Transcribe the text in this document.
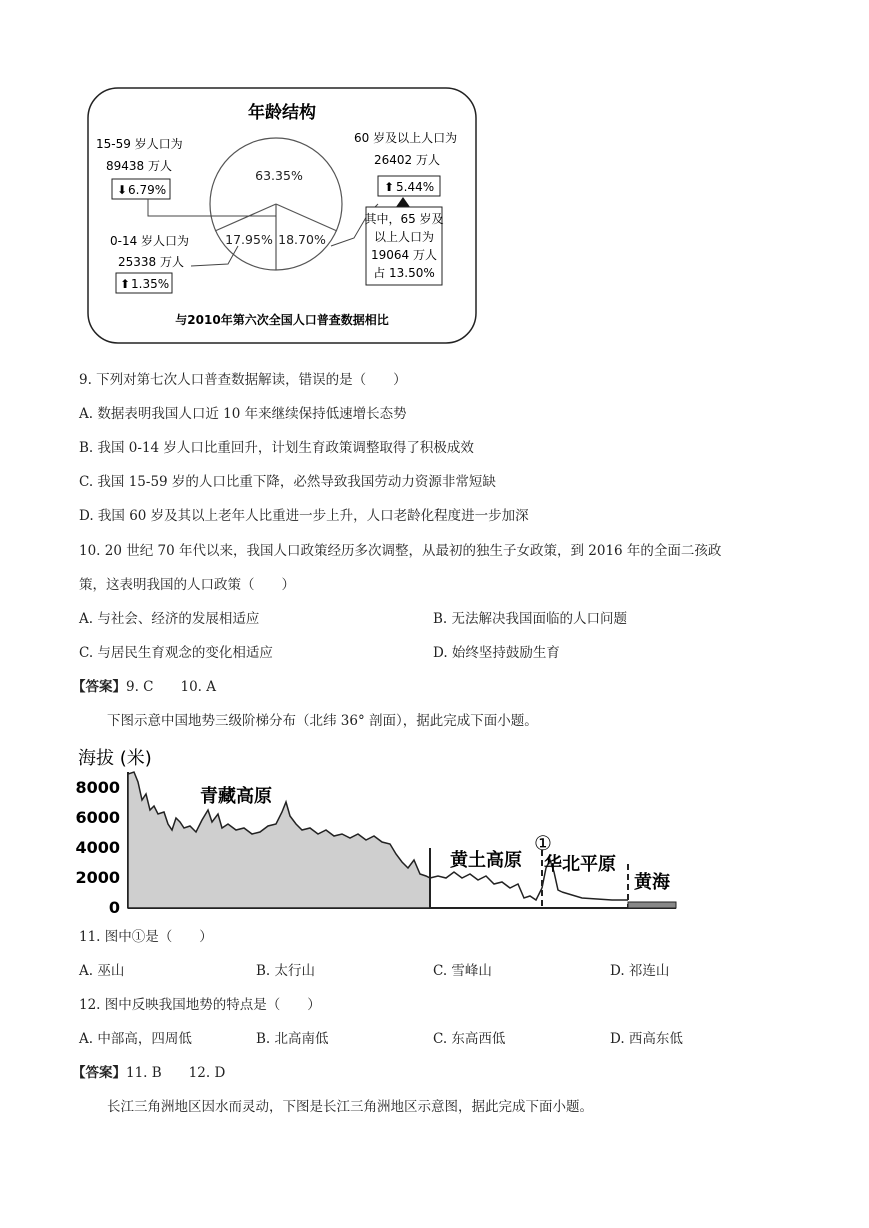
年龄结构
63.35%
17.95% 18.70%
15-59 岁人口为
89438 万人
⬇ 6.79%
0-14 岁人口为
25338 万人
⬆ 1.35%
60 岁及以上人口为
26402 万人
⬆ 5.44%
其中，65 岁及
以上人口为
19064 万人
占 13.50%
与2010年第六次全国人口普查数据相比
9. 下列对第七次人口普查数据解读，错误的是（　　）
A. 数据表明我国人口近 10 年来继续保持低速增长态势
B. 我国 0-14 岁人口比重回升，计划生育政策调整取得了积极成效
C. 我国 15-59 岁的人口比重下降，必然导致我国劳动力资源非常短缺
D. 我国 60 岁及其以上老年人比重进一步上升，人口老龄化程度进一步加深
10. 20 世纪 70 年代以来，我国人口政策经历多次调整，从最初的独生子女政策，到 2016 年的全面二孩政
策，这表明我国的人口政策（　　）
A. 与社会、经济的发展相适应	B. 无法解决我国面临的人口问题
C. 与居民生育观念的变化相适应	D. 始终坚持鼓励生育
【答案】9. C　　10. A
下图示意中国地势三级阶梯分布（北纬 36° 剖面），据此完成下面小题。
海拔 (米)
8000
6000
4000
2000
0
青藏高原
黄土高原
①
华北平原
黄海
11. 图中①是（　　）
A. 巫山	B. 太行山	C. 雪峰山	D. 祁连山
12. 图中反映我国地势的特点是（　　）
A. 中部高，四周低	B. 北高南低	C. 东高西低	D. 西高东低
【答案】11. B　　12. D
长江三角洲地区因水而灵动，下图是长江三角洲地区示意图，据此完成下面小题。
